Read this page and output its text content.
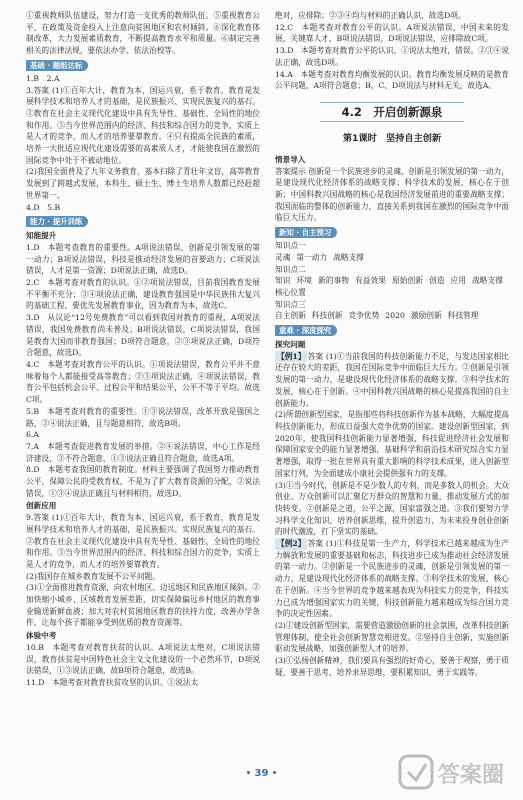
①重视教师队伍建设，努力打造一支优秀的教师队伍。⑤重视教育公平，在政策及资金投入上注意向贫困地区和农村倾斜。⑥深化教育体制改革，大力发展素质教育，不断提高教育水平和质量。⑥制定完善相关的法律法规，要依法办学、依法治校等。
基础 · 题组达标
1.B　2.A
3.答案 (1)①百年大计，教育为本，国运兴衰，系于教育，教育是发展科学技术和培养人才的基础，是民族振兴、实现民族复兴的基石。②教育在社会主义现代化建设中具有先导性、基础性、全局性的地位和作用。③当今世界范围内的经济、科技和综合国力的竞争，实质上是人才的竞争，而人才的培养要靠教育。④只有提高全民族的素质，培养一大批适应现代化建设需要的高素质人才，才能使我国在激烈的国际竞争中处于不被动地位。
(2)我国全面普及了九年义务教育，基本扫除了青壮年文盲，高等教育发展到了跨越式发展，本科生、硕士生、博士生培养人数都已经赶超世界第一。
4.D　5.B
能力 · 提升训练
知能提升
1.D　本题考查教育的重要性。A项说法错误，创新是引领发展的第一动力；B项说法错误，科技是推动经济发展的首要动力；C项说法错误，人才是第一资源；D项说法正确，故选D。
2.C　本题考查对教育的认识。①②项说法错误，目前我国教育发展不平衡不充分；③④项说法正确，建设教育强国是中华民族伟大复兴的基础工程，要优先发展教育事业，因为教育为本，故选C。
3.D　从议论“12号免费教育”可以看到我国对教育的重视，A项说法错误，我国免费教育尚未普及；B项说法错误，C项说法错误，我国是教育大国而非教育强国；D项符合题意，②③项说法正确，D项符合题意，故选D。
4.C　本题考查对教育公平的认识。①项说法错误，教育公平并不意味着每个人都能接受高等教育；②③项说法正确，④项说法错误，教育公平包括机会公平、过程公平和结果公平，公平不等于平均。故选C项。
5.B　本题考查对教育的重要性。①③说法错误，改革开放是强国之路，②④说法正确，且与题意相符，故选B项。
6.A
7.A　本题考查促进教育发展的举措。②④说法错误，中心工作是经济建设，③不符合题意，①③说法正确且符合题意，故选A项。
8.D　本题考查我国的教育制度。材料主要强调了我国努力推动教育公平，保障公民的受教育权，不是为了扩大教育资源的分配，②说法错误，①③④说法正确且与材料相符，故选D。
创新应用
9.答案 (1)①百年大计，教育为本，国运兴衰，系于教育，教育是发展科学技术和培养人才的基础，是民族振兴、实现民族复兴的基石。②教育在社会主义现代化建设中具有先导性、基础性、全局性的地位和作用。③当今世界范围内的经济、科技和综合国力的竞争，实质上是人才的竞争，而人才的培养要靠教育。
(2)我国存在城乡教育发展不公平问题。
(3)①全面推进教育资源，向农村地区、边远地区和民族地区倾斜。②加快缩小城乡、区域教育发展差距，切实保障偏远乡村地区的教育事业输送新鲜血液；加大对农村贫困地区教育的扶持力度，改善办学条件，让每个孩子都能享受到优质的教育资源等。
体验中考
10.B　本题考查对教育扶贫的认识。A项说法太绝对，C项说法错误，教育扶贫是中国特色社会主义文化建设的一个必然环节，D项说法错误，①③说法正确，故B项符合题意，故选B。
11.D　本题考查对教育扶贫攻坚的认识。①说法太
绝对，应排除；②③④均与材料的正确认识，故选D项。
12.C　本题考查对教育公平的认识。A项说法错误，中国未来的发展，关键靠人才，B项说法错误，D项说法错误，应排除故C项。
13.D　本题考查对教育公平的认识。①说法太绝对，错误。②③④说法正确，故选D项。
14.A　本题考查对教育均衡发展的认识。教育均衡发展反映的是教育公平问题，A项符合题意；B、C、D项说法与材料无关，故选A。
4.2　开启创新源泉
第1课时　坚持自主创新
情景导入
答案提示 创新是一个民族进步的灵魂，创新是引领发展的第一动力，是建设现代化经济体系的战略支撑；科学技术的发展，核心在于创新；中国科教兴国战略的核心是我国经济发展前进的重要战略支撑；我国面临的整体的创新能力，直接关系到我国在激烈的国际竞争中面临巨大压力。
新知 · 自主预习
知识点一
灵魂 第一动力 战略支撑
知识点二
知识 环境 新的事物 有益效果 原始创新 创造 应用 战略支撑核心位置
知识点三
自主创新 科技创新 竞争优势 2020 激励创新 科技管理
重难 · 深度探究
探究问题
【例1】 答案 (1)①当前我国的科技创新能力不足，与发达国家相比还存在较大的差距，我国在国际竞争中面临巨大压力。②创新是引领发展的第一动力，是建设现代化经济体系的战略支撑。③科学技术的发展，核心在于创新。④中国科教兴国战略的核心是提高我国的自主创新能力。
(2)所谓创新型国家，是指那些将科技创新作为基本战略，大幅度提高科技创新能力，形成日益强大竞争优势的国家。建设创新型国家，到2020年，使我国科技创新能力显著增强，科技促进经济社会发展和保障国家安全的能力显著增强，基础科学和前沿技术研究综合实力显著增强，取得一批在世界具有重大影响的科学技术成果，进入创新型国家行列，为全面建成小康社会提供强有力的支撑。
(3)①当今时代，创新是不是少数人的专利，而是多数人的机会。大众创业、万众创新可以汇聚亿万群众的智慧和力量，推动发展方式的加快转变。②创新是之道，公平之源，国家富强之道。③我们要努力学习科学文化知识，培养创新思维，提升创造力，为未来投身创业创新的时代潮流，打下坚实的基础。
【例2】 答案 (1)①科技是第一生产力，科学技术已越来越成为生产力解放和发展的重要基础和标志，科技进步已成为推动社会经济发展的第一动力。②创新是一个民族进步的灵魂，创新是引领发展的第一动力，是建设现代化经济体系的战略支撑。③科学技术的发展，核心在于创新。④当今世界的竞争越来越表现为科技实力的竞争，科技实力已成为增强国家实力的关键，科技创新能力越来越成为综合国力竞争的决定性因素。
(2)①建设创新型国家，需要营造激励创新的社会氛围，改革科技创新管理体制，使全社会创新智慧竞相迸发。②坚持自主创新，实施创新驱动发展战略，加强创新型人才的培养。
(3)①弘扬创新精神，我们要具有强烈的好奇心，要善于观察，勇于质疑，要善于思考、培养求异思维，要积累知识，勇于实践等。
39	答案圈
